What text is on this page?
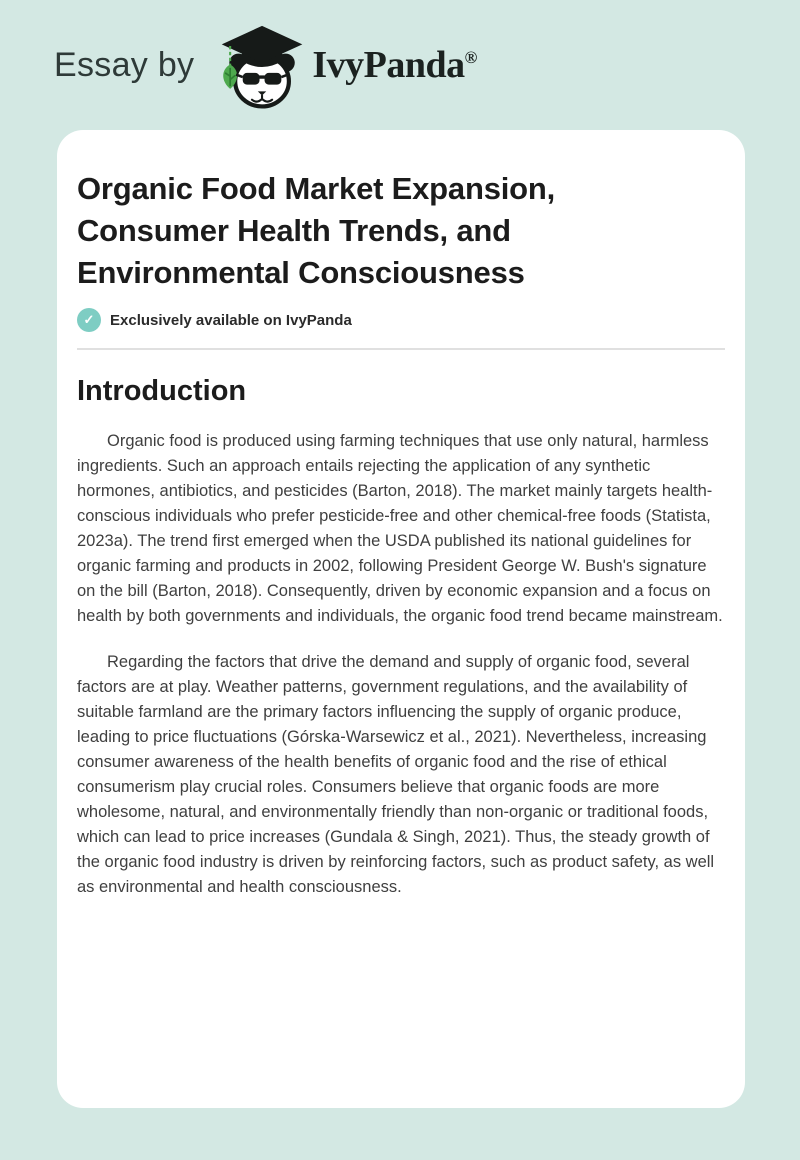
Essay by	IvyPanda®
Organic Food Market Expansion, Consumer Health Trends, and Environmental Consciousness
✓	Exclusively available on IvyPanda
Introduction

Organic food is produced using farming techniques that use only natural, harmless ingredients. Such an approach entails rejecting the application of any synthetic hormones, antibiotics, and pesticides (Barton, 2018). The market mainly targets health-conscious individuals who prefer pesticide-free and other chemical-free foods (Statista, 2023a). The trend first emerged when the USDA published its national guidelines for organic farming and products in 2002, following President George W. Bush's signature on the bill (Barton, 2018). Consequently, driven by economic expansion and a focus on health by both governments and individuals, the organic food trend became mainstream.

Regarding the factors that drive the demand and supply of organic food, several factors are at play. Weather patterns, government regulations, and the availability of suitable farmland are the primary factors influencing the supply of organic produce, leading to price fluctuations (Górska-Warsewicz et al., 2021). Nevertheless, increasing consumer awareness of the health benefits of organic food and the rise of ethical consumerism play crucial roles. Consumers believe that organic foods are more wholesome, natural, and environmentally friendly than non-organic or traditional foods, which can lead to price increases (Gundala & Singh, 2021). Thus, the steady growth of the organic food industry is driven by reinforcing factors, such as product safety, as well as environmental and health consciousness.
